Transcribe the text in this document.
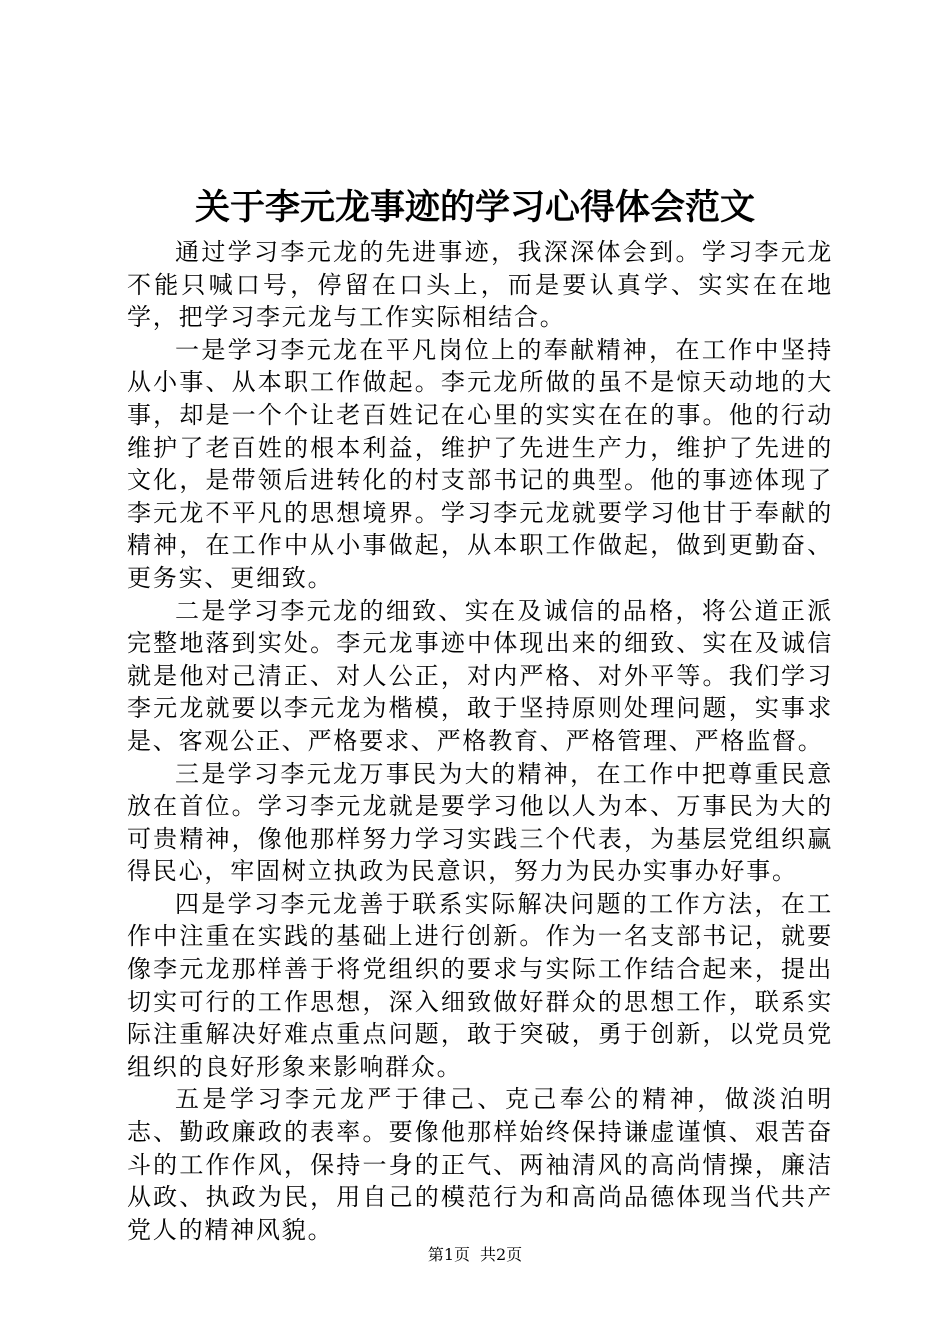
关于李元龙事迹的学习心得体会范文

通过学习李元龙的先进事迹，我深深体会到。学习李元龙不能只喊口号，停留在口头上，而是要认真学、实实在在地学，把学习李元龙与工作实际相结合。

一是学习李元龙在平凡岗位上的奉献精神，在工作中坚持从小事、从本职工作做起。李元龙所做的虽不是惊天动地的大事，却是一个个让老百姓记在心里的实实在在的事。他的行动维护了老百姓的根本利益，维护了先进生产力，维护了先进的文化，是带领后进转化的村支部书记的典型。他的事迹体现了李元龙不平凡的思想境界。学习李元龙就要学习他甘于奉献的精神，在工作中从小事做起，从本职工作做起，做到更勤奋、更务实、更细致。

二是学习李元龙的细致、实在及诚信的品格，将公道正派完整地落到实处。李元龙事迹中体现出来的细致、实在及诚信就是他对己清正、对人公正，对内严格、对外平等。我们学习李元龙就要以李元龙为楷模，敢于坚持原则处理问题，实事求是、客观公正、严格要求、严格教育、严格管理、严格监督。

三是学习李元龙万事民为大的精神，在工作中把尊重民意放在首位。学习李元龙就是要学习他以人为本、万事民为大的可贵精神，像他那样努力学习实践三个代表，为基层党组织赢得民心，牢固树立执政为民意识，努力为民办实事办好事。

四是学习李元龙善于联系实际解决问题的工作方法，在工作中注重在实践的基础上进行创新。作为一名支部书记，就要像李元龙那样善于将党组织的要求与实际工作结合起来，提出切实可行的工作思想，深入细致做好群众的思想工作，联系实际注重解决好难点重点问题，敢于突破，勇于创新，以党员党组织的良好形象来影响群众。

五是学习李元龙严于律己、克己奉公的精神，做淡泊明志、勤政廉政的表率。要像他那样始终保持谦虚谨慎、艰苦奋斗的工作作风，保持一身的正气、两袖清风的高尚情操，廉洁从政、执政为民，用自己的模范行为和高尚品德体现当代共产党人的精神风貌。

第1页 共2页
